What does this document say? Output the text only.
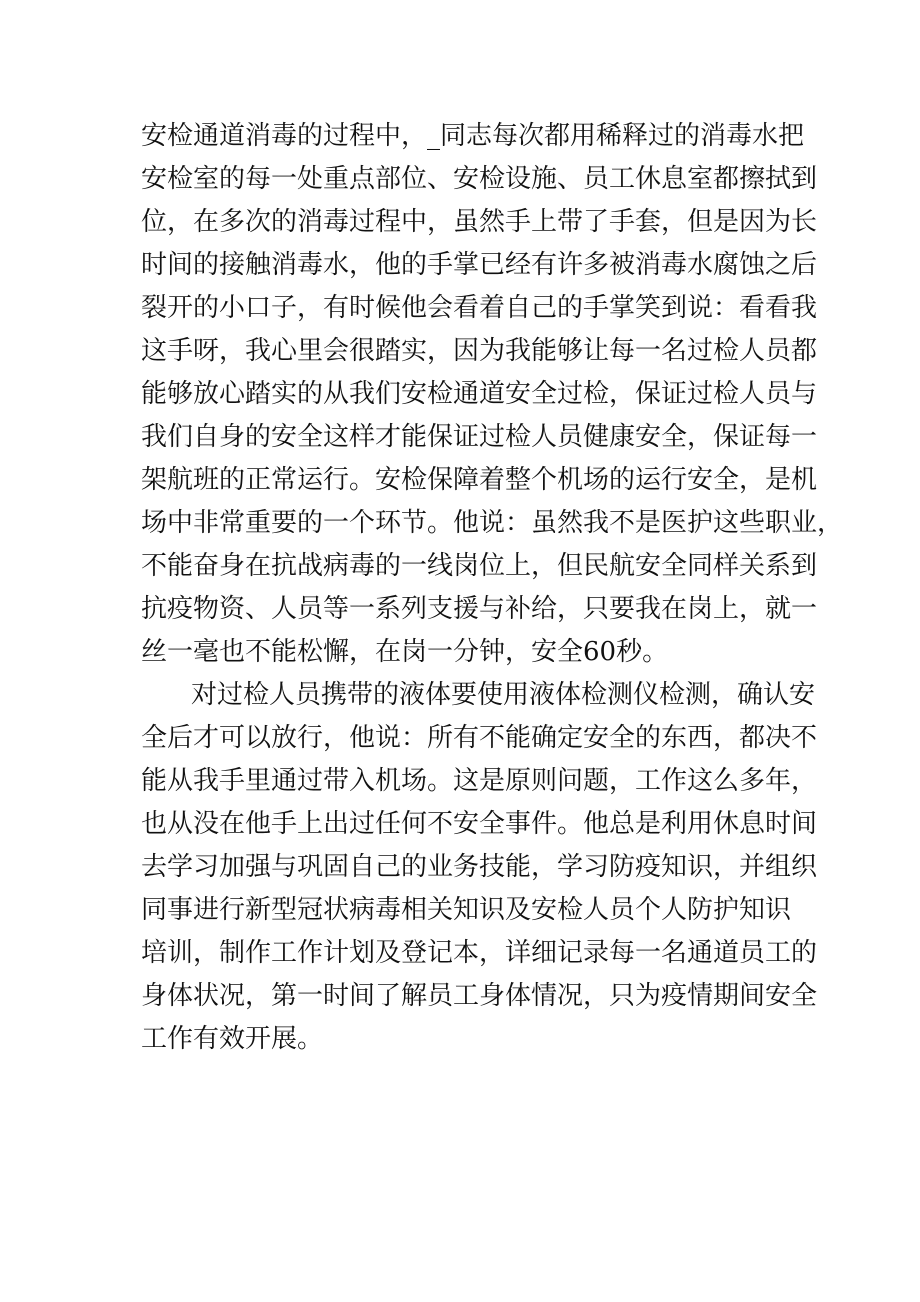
安检通道消毒的过程中，_同志每次都用稀释过的消毒水把
安检室的每一处重点部位、安检设施、员工休息室都擦拭到
位，在多次的消毒过程中，虽然手上带了手套，但是因为长
时间的接触消毒水，他的手掌已经有许多被消毒水腐蚀之后
裂开的小口子，有时候他会看着自己的手掌笑到说：看看我
这手呀，我心里会很踏实，因为我能够让每一名过检人员都
能够放心踏实的从我们安检通道安全过检，保证过检人员与
我们自身的安全这样才能保证过检人员健康安全，保证每一
架航班的正常运行。安检保障着整个机场的运行安全，是机
场中非常重要的一个环节。他说：虽然我不是医护这些职业，
不能奋身在抗战病毒的一线岗位上，但民航安全同样关系到
抗疫物资、人员等一系列支援与补给，只要我在岗上，就一
丝一毫也不能松懈，在岗一分钟，安全60秒。
对过检人员携带的液体要使用液体检测仪检测，确认安
全后才可以放行，他说：所有不能确定安全的东西，都决不
能从我手里通过带入机场。这是原则问题，工作这么多年，
也从没在他手上出过任何不安全事件。他总是利用休息时间
去学习加强与巩固自己的业务技能，学习防疫知识，并组织
同事进行新型冠状病毒相关知识及安检人员个人防护知识
培训，制作工作计划及登记本，详细记录每一名通道员工的
身体状况，第一时间了解员工身体情况，只为疫情期间安全
工作有效开展。
